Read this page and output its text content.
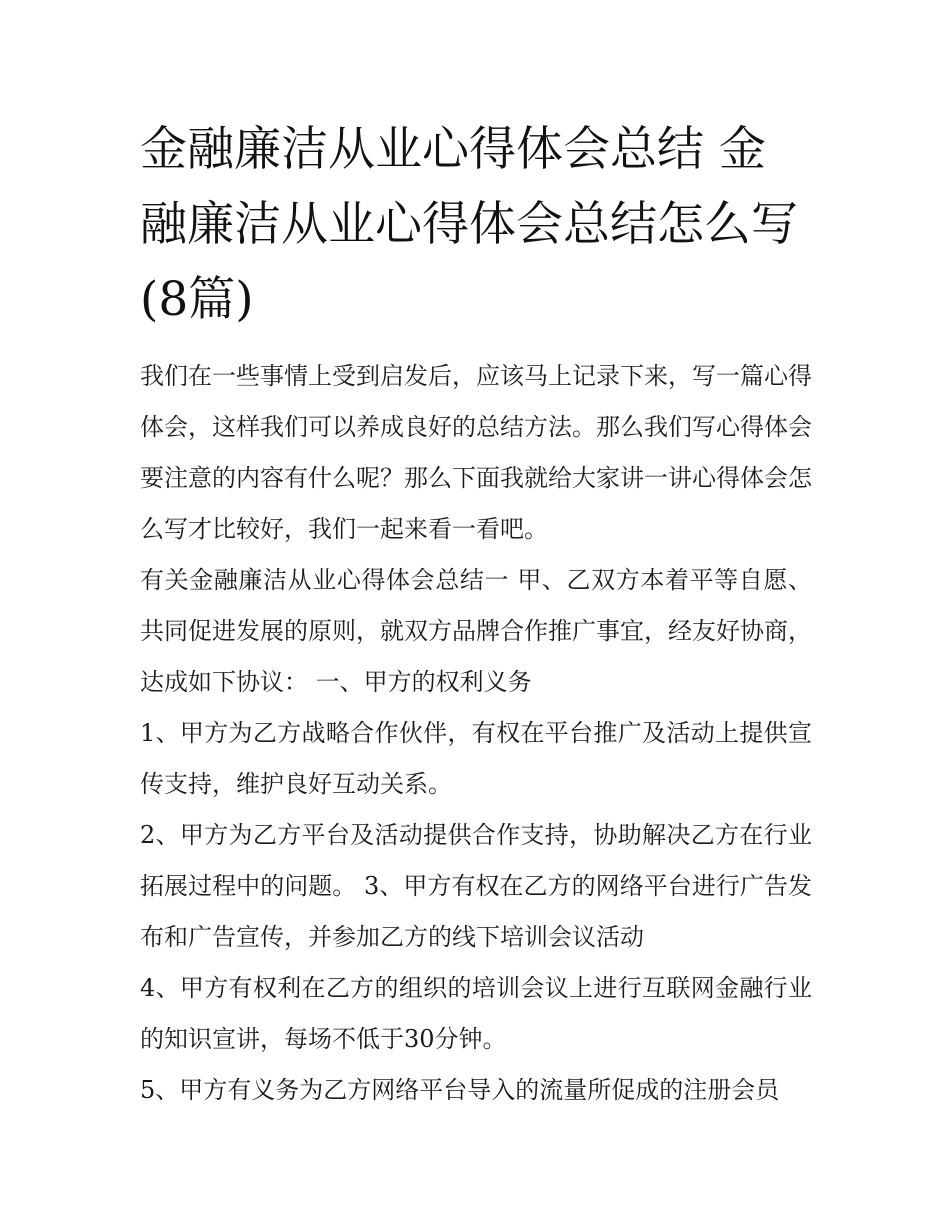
金融廉洁从业心得体会总结 金融廉洁从业心得体会总结怎么写(8篇)

我们在一些事情上受到启发后，应该马上记录下来，写一篇心得体会，这样我们可以养成良好的总结方法。那么我们写心得体会要注意的内容有什么呢？那么下面我就给大家讲一讲心得体会怎么写才比较好，我们一起来看一看吧。

有关金融廉洁从业心得体会总结一 甲、乙双方本着平等自愿、共同促进发展的原则，就双方品牌合作推广事宜，经友好协商，达成如下协议： 一、甲方的权利义务

1、甲方为乙方战略合作伙伴，有权在平台推广及活动上提供宣传支持，维护良好互动关系。

2、甲方为乙方平台及活动提供合作支持，协助解决乙方在行业拓展过程中的问题。 3、甲方有权在乙方的网络平台进行广告发布和广告宣传，并参加乙方的线下培训会议活动

4、甲方有权利在乙方的组织的培训会议上进行互联网金融行业的知识宣讲，每场不低于30分钟。

5、甲方有义务为乙方网络平台导入的流量所促成的注册会员
